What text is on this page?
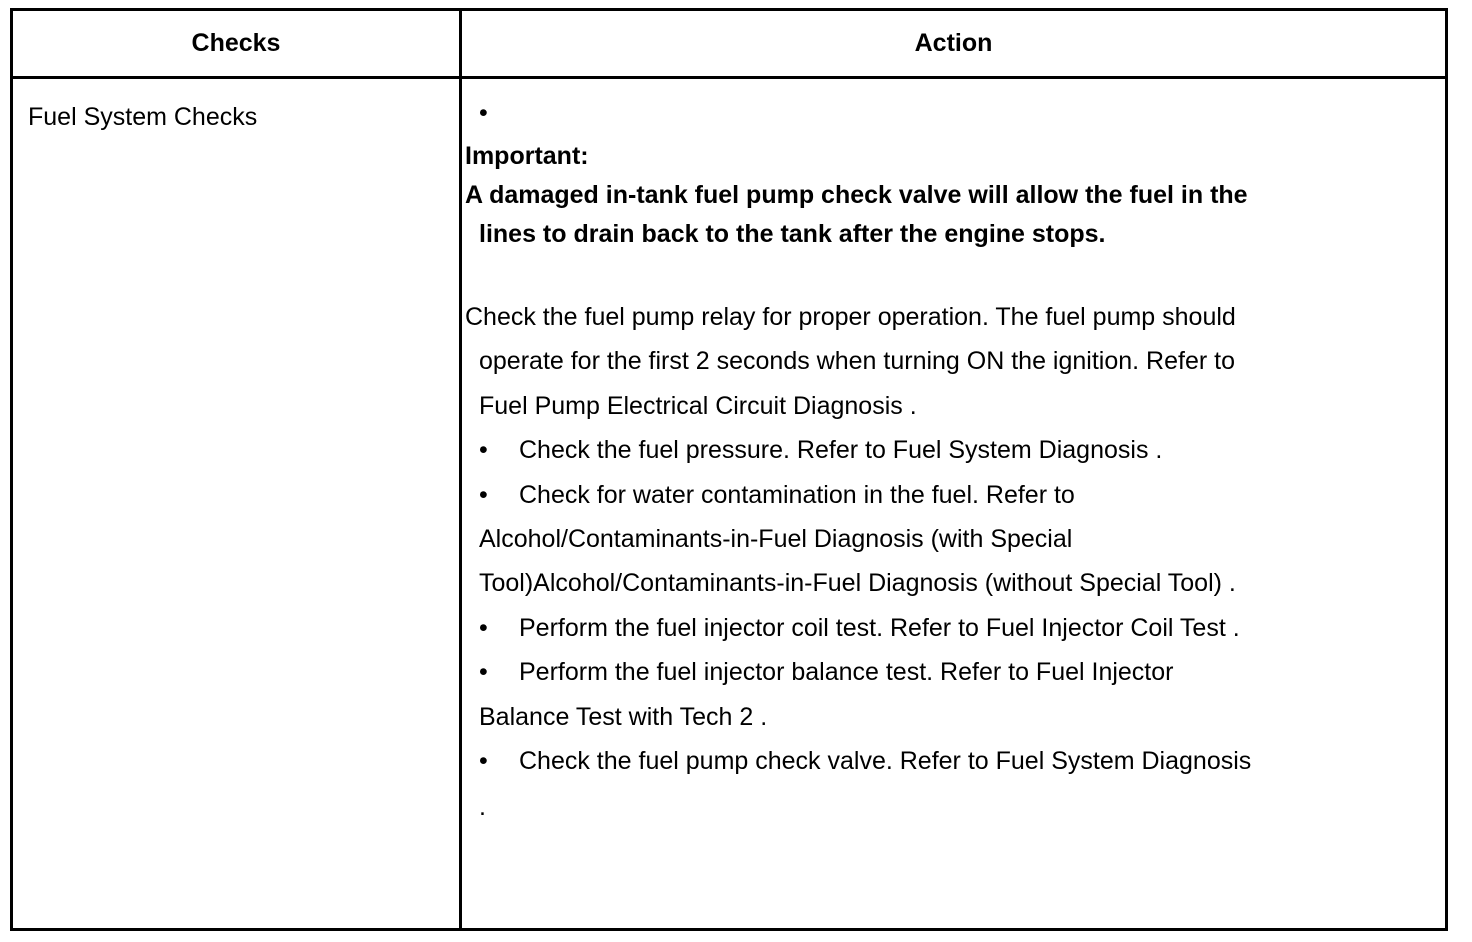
Checks	Action
Fuel System Checks	•
Important:
A damaged in-tank fuel pump check valve will allow the fuel in the
lines to drain back to the tank after the engine stops.
Check the fuel pump relay for proper operation. The fuel pump should
operate for the first 2 seconds when turning ON the ignition. Refer to
Fuel Pump Electrical Circuit Diagnosis .
• Check the fuel pressure. Refer to Fuel System Diagnosis .
• Check for water contamination in the fuel. Refer to
Alcohol/Contaminants-in-Fuel Diagnosis (with Special
Tool)Alcohol/Contaminants-in-Fuel Diagnosis (without Special Tool) .
• Perform the fuel injector coil test. Refer to Fuel Injector Coil Test .
• Perform the fuel injector balance test. Refer to Fuel Injector
Balance Test with Tech 2 .
• Check the fuel pump check valve. Refer to Fuel System Diagnosis
.
